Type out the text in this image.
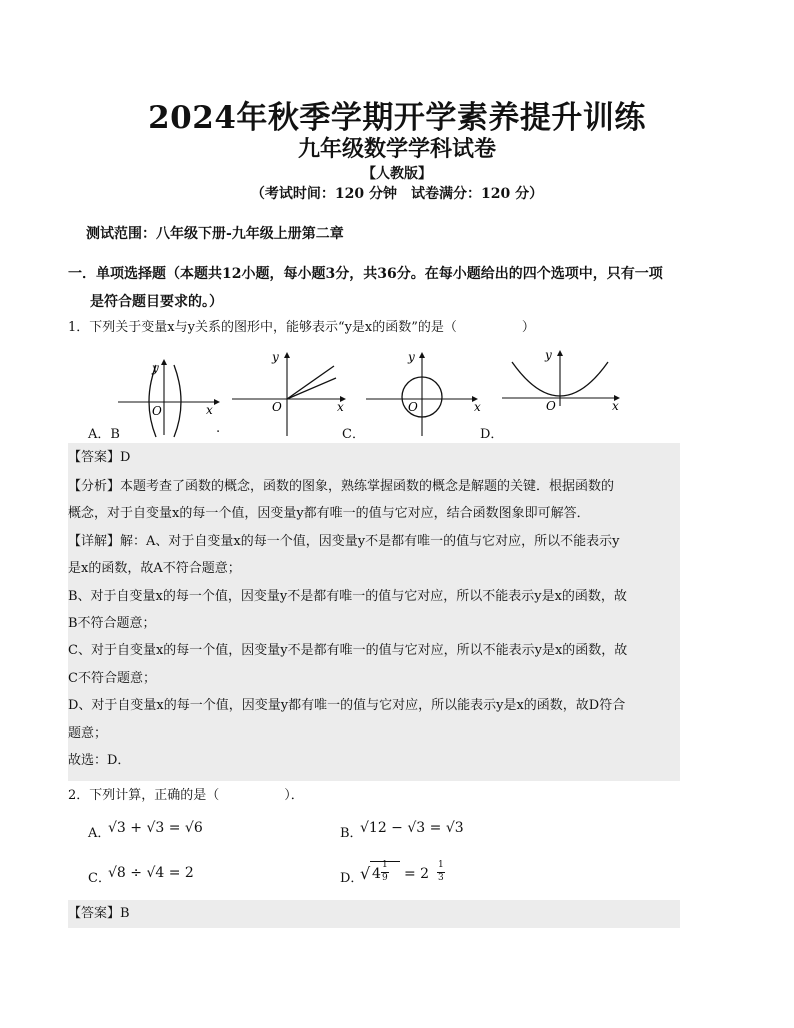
2024年秋季学期开学素养提升训练
九年级数学学科试卷
【人教版】
（考试时间：120 分钟　试卷满分：120 分）
测试范围：八年级下册-九年级上册第二章
一．单项选择题（本题共12小题，每小题3分，共36分。在每小题给出的四个选项中，只有一项
是符合题目要求的。）
1．下列关于变量x与y关系的图形中，能够表示“y是x的函数”的是（　　　　　）
y
O	x
y
O	x
y
O	x
y
O	x
A．B	.	C．	D．
【答案】D
【分析】本题考查了函数的概念，函数的图象，熟练掌握函数的概念是解题的关键．根据函数的
概念，对于自变量x的每一个值，因变量y都有唯一的值与它对应，结合函数图象即可解答．
【详解】解：A、对于自变量x的每一个值，因变量y不是都有唯一的值与它对应，所以不能表示y
是x的函数，故A不符合题意；
B、对于自变量x的每一个值，因变量y不是都有唯一的值与它对应，所以不能表示y是x的函数，故
B不符合题意；
C、对于自变量x的每一个值，因变量y不是都有唯一的值与它对应，所以不能表示y是x的函数，故
C不符合题意；
D、对于自变量x的每一个值，因变量y都有唯一的值与它对应，所以能表示y是x的函数，故D符合
题意；
故选：D．
2．下列计算，正确的是（　　　　　）．
A．
√3 + √3 = √6	B．
√12 − √3 = √3
C．
√8 ÷ √4 = 2	D．
√ 4
1
9 = 2
1
3
【答案】B
